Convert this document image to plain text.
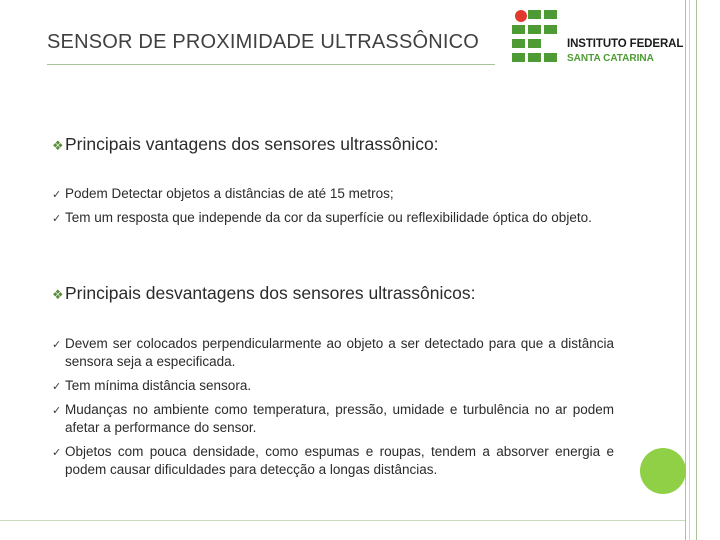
SENSOR DE PROXIMIDADE ULTRASSÔNICO	INSTITUTO FEDERAL
SANTA CATARINA
❖ Principais vantagens dos sensores ultrassônico:
✓ Podem Detectar objetos a distâncias de até 15 metros;
✓ Tem um resposta que independe da cor da superfície ou reflexibilidade óptica do objeto.
❖ Principais desvantagens dos sensores ultrassônicos:
✓ Devem ser colocados perpendicularmente ao objeto a ser detectado para que a distância sensora seja a especificada.
✓ Tem mínima distância sensora.
✓ Mudanças no ambiente como temperatura, pressão, umidade e turbulência no ar podem afetar a performance do sensor.
✓ Objetos com pouca densidade, como espumas e roupas, tendem a absorver energia e podem causar dificuldades para detecção a longas distâncias.
